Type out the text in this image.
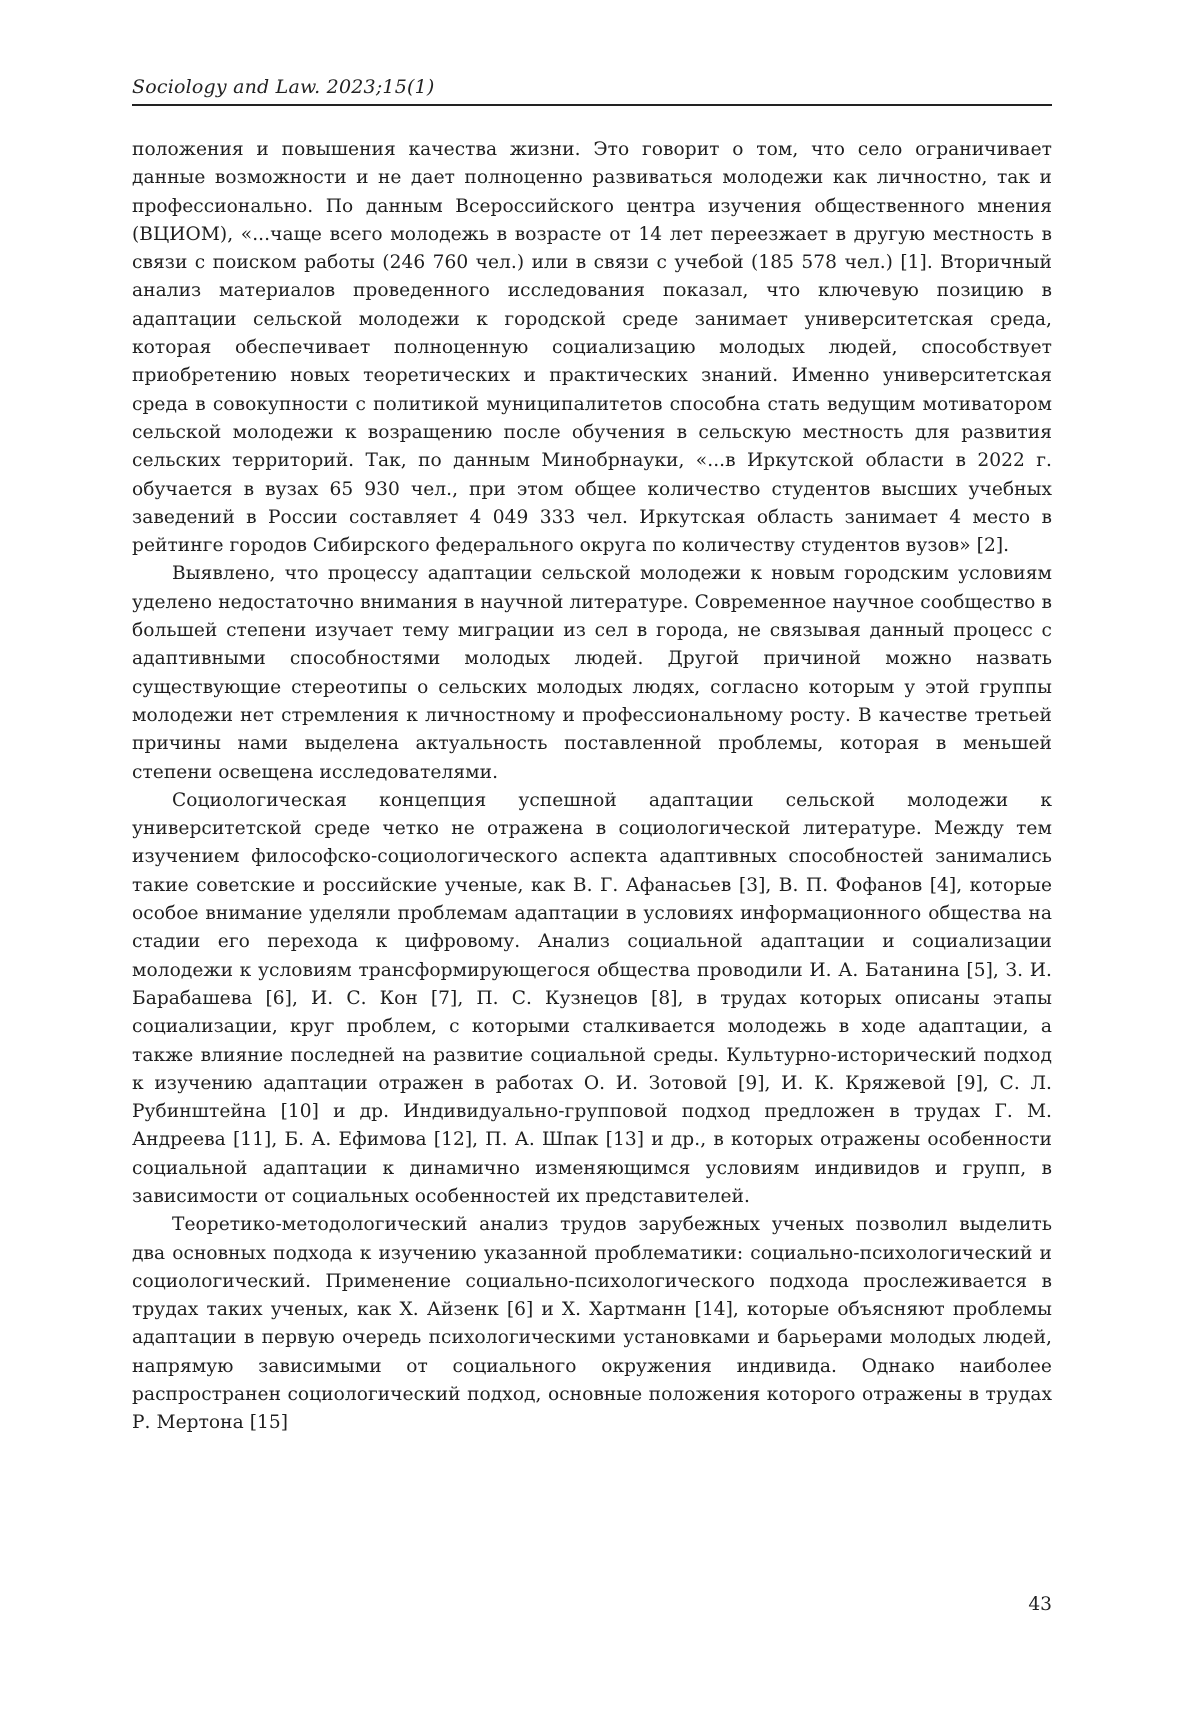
Sociology and Law. 2023;15(1)

положения и повышения качества жизни. Это говорит о том, что село ограничивает данные возможности и не дает полноценно развиваться молодежи как личностно, так и профессионально. По данным Всероссийского центра изучения общественного мнения (ВЦИОМ), «...чаще всего молодежь в возрасте от 14 лет переезжает в другую местность в связи с поиском работы (246 760 чел.) или в связи с учебой (185 578 чел.) [1]. Вторичный анализ материалов проведенного исследования показал, что ключевую позицию в адаптации сельской молодежи к городской среде занимает университетская среда, которая обеспечивает полноценную социализацию молодых людей, способствует приобретению новых теоретических и практических знаний. Именно университетская среда в совокупности с политикой муниципалитетов способна стать ведущим мотиватором сельской молодежи к возращению после обучения в сельскую местность для развития сельских территорий. Так, по данным Минобрнауки, «...в Иркутской области в 2022 г. обучается в вузах 65 930 чел., при этом общее количество студентов высших учебных заведений в России составляет 4 049 333 чел. Иркутская область занимает 4 место в рейтинге городов Сибирского федерального округа по количеству студентов вузов» [2].

Выявлено, что процессу адаптации сельской молодежи к новым городским условиям уделено недостаточно внимания в научной литературе. Современное научное сообщество в большей степени изучает тему миграции из сел в города, не связывая данный процесс с адаптивными способностями молодых людей. Другой причиной можно назвать существующие стереотипы о сельских молодых людях, согласно которым у этой группы молодежи нет стремления к личностному и профессиональному росту. В качестве третьей причины нами выделена актуальность поставленной проблемы, которая в меньшей степени освещена исследователями.

Социологическая концепция успешной адаптации сельской молодежи к университетской среде четко не отражена в социологической литературе. Между тем изучением философско-социологического аспекта адаптивных способностей занимались такие советские и российские ученые, как В. Г. Афанасьев [3], В. П. Фофанов [4], которые особое внимание уделяли проблемам адаптации в условиях информационного общества на стадии его перехода к цифровому. Анализ социальной адаптации и социализации молодежи к условиям трансформирующегося общества проводили И. А. Батанина [5], З. И. Барабашева [6], И. С. Кон [7], П. С. Кузнецов [8], в трудах которых описаны этапы социализации, круг проблем, с которыми сталкивается молодежь в ходе адаптации, а также влияние последней на развитие социальной среды. Культурно-исторический подход к изучению адаптации отражен в работах О. И. Зотовой [9], И. К. Кряжевой [9], С. Л. Рубинштейна [10] и др. Индивидуально-групповой подход предложен в трудах Г. М. Андреева [11], Б. А. Ефимова [12], П. А. Шпак [13] и др., в которых отражены особенности социальной адаптации к динамично изменяющимся условиям индивидов и групп, в зависимости от социальных особенностей их представителей.

Теоретико-методологический анализ трудов зарубежных ученых позволил выделить два основных подхода к изучению указанной проблематики: социально-психологический и социологический. Применение социально-психологического подхода прослеживается в трудах таких ученых, как Х. Айзенк [6] и Х. Хартманн [14], которые объясняют проблемы адаптации в первую очередь психологическими установками и барьерами молодых людей, напрямую зависимыми от социального окружения индивида. Однако наиболее распространен социологический подход, основные положения которого отражены в трудах Р. Мертона [15]

43
